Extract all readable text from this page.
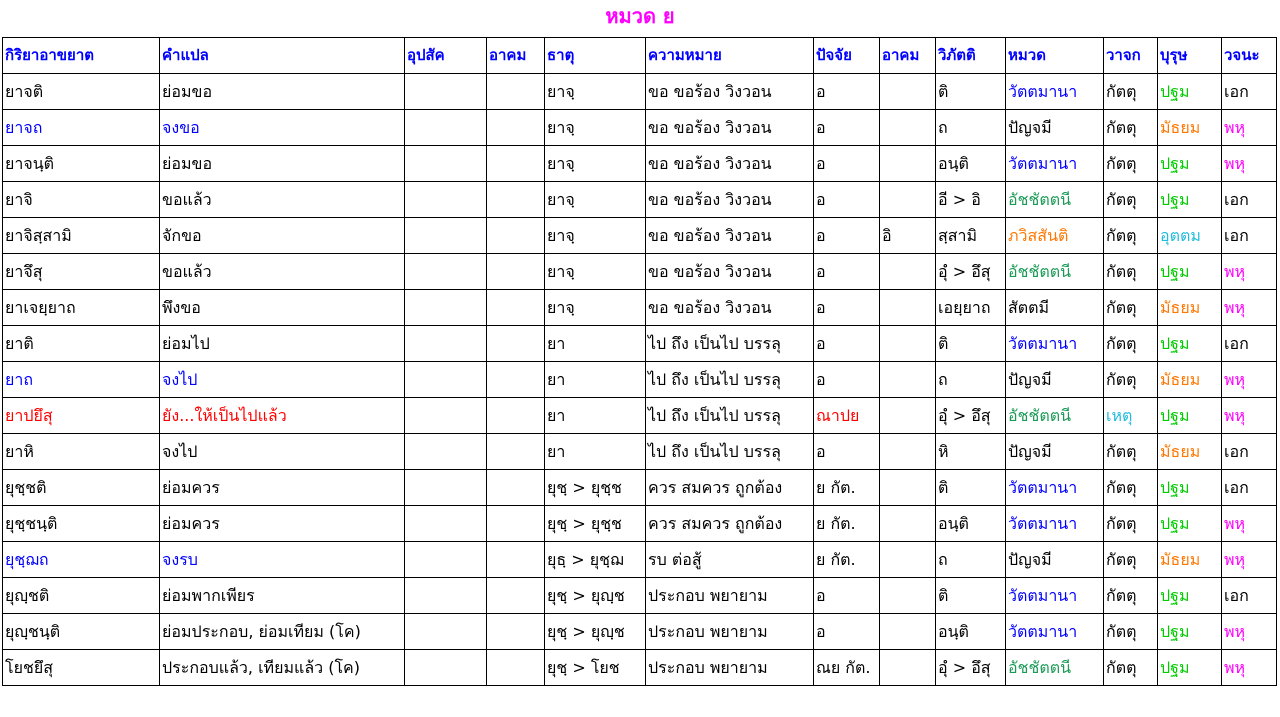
หมวด ย
กิริยาอาขยาต	คำแปล	อุปสัค	อาคม	ธาตุ	ความหมาย	ปัจจัย	อาคม	วิภัตติ	หมวด	วาจก	บุรุษ	วจนะ
ยาจติ	ย่อมขอ			ยาจฺ	ขอ ขอร้อง วิงวอน	อ		ติ	วัตตมานา	กัตตุ	ปฐม	เอก
ยาจถ	จงขอ			ยาจฺ	ขอ ขอร้อง วิงวอน	อ		ถ	ปัญจมี	กัตตุ	มัธยม	พหุ
ยาจนฺติ	ย่อมขอ			ยาจฺ	ขอ ขอร้อง วิงวอน	อ		อนฺติ	วัตตมานา	กัตตุ	ปฐม	พหุ
ยาจิ	ขอแล้ว			ยาจฺ	ขอ ขอร้อง วิงวอน	อ		อี > อิ	อัชชัตตนี	กัตตุ	ปฐม	เอก
ยาจิสฺสามิ	จักขอ			ยาจฺ	ขอ ขอร้อง วิงวอน	อ	อิ	สฺสามิ	ภวิสสันติ	กัตตุ	อุตตม	เอก
ยาจึสุ	ขอแล้ว			ยาจฺ	ขอ ขอร้อง วิงวอน	อ		อุํ > อึสุ	อัชชัตตนี	กัตตุ	ปฐม	พหุ
ยาเจยฺยาถ	พึงขอ			ยาจฺ	ขอ ขอร้อง วิงวอน	อ		เอยฺยาถ	สัตตมี	กัตตุ	มัธยม	พหุ
ยาติ	ย่อมไป			ยา	ไป ถึง เป็นไป บรรลุ	อ		ติ	วัตตมานา	กัตตุ	ปฐม	เอก
ยาถ	จงไป			ยา	ไป ถึง เป็นไป บรรลุ	อ		ถ	ปัญจมี	กัตตุ	มัธยม	พหุ
ยาปยึสุ	ยัง...ให้เป็นไปแล้ว			ยา	ไป ถึง เป็นไป บรรลุ	ณาปย		อุํ > อึสุ	อัชชัตตนี	เหตุ	ปฐม	พหุ
ยาหิ	จงไป			ยา	ไป ถึง เป็นไป บรรลุ	อ		หิ	ปัญจมี	กัตตุ	มัธยม	เอก
ยุชฺชติ	ย่อมควร			ยุชฺ > ยุชฺช	ควร สมควร ถูกต้อง	ย กัต.		ติ	วัตตมานา	กัตตุ	ปฐม	เอก
ยุชฺชนฺติ	ย่อมควร			ยุชฺ > ยุชฺช	ควร สมควร ถูกต้อง	ย กัต.		อนฺติ	วัตตมานา	กัตตุ	ปฐม	พหุ
ยุชฺฌถ	จงรบ			ยุธฺ > ยุชฺฌ	รบ ต่อสู้	ย กัต.		ถ	ปัญจมี	กัตตุ	มัธยม	พหุ
ยุญฺชติ	ย่อมพากเพียร			ยุชฺ > ยุญฺช	ประกอบ พยายาม	อ		ติ	วัตตมานา	กัตตุ	ปฐม	เอก
ยุญฺชนฺติ	ย่อมประกอบ, ย่อมเทียม (โค)			ยุชฺ > ยุญฺช	ประกอบ พยายาม	อ		อนฺติ	วัตตมานา	กัตตุ	ปฐม	พหุ
โยชยึสุ	ประกอบแล้ว, เทียมแล้ว (โค)			ยุชฺ > โยช	ประกอบ พยายาม	ณย กัต.		อุํ > อึสุ	อัชชัตตนี	กัตตุ	ปฐม	พหุ
